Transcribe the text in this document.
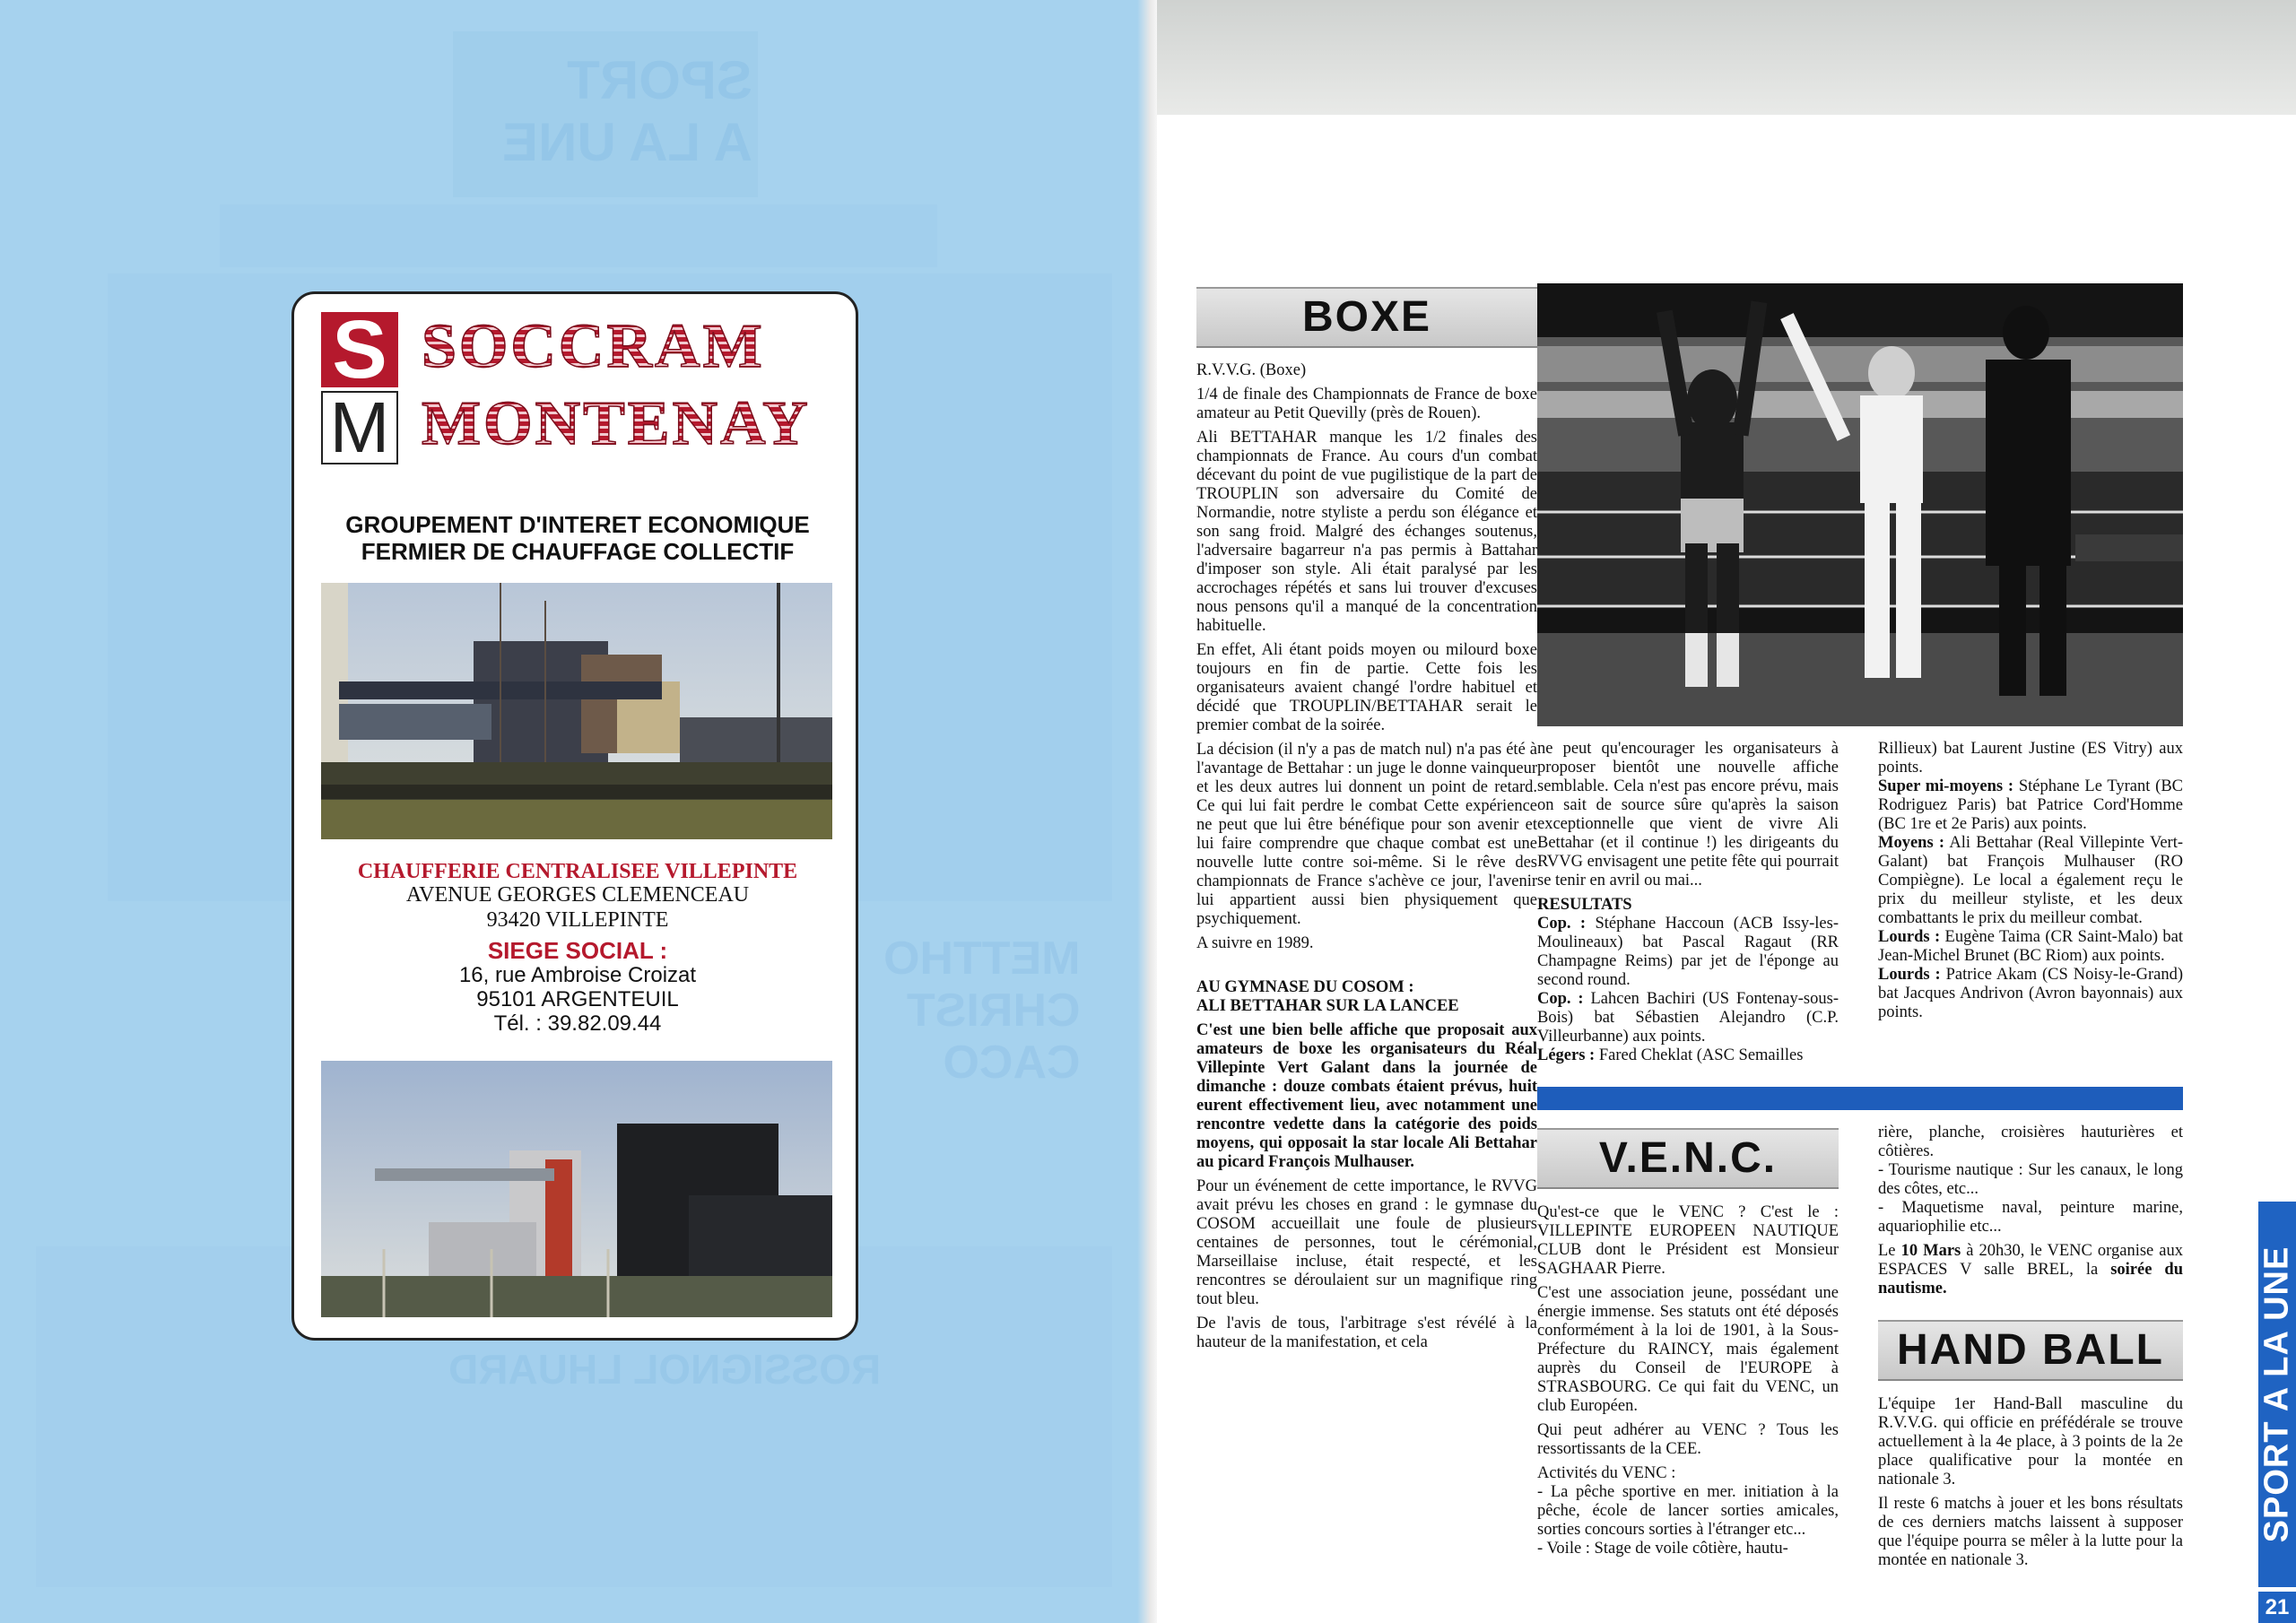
SPORT
A LA UNE
METTHO
CHRIST
CACO
ROSSIGNOL LHUARD
S
M
SOCCRAM
MONTENAY
GROUPEMENT D'INTERET ECONOMIQUE
FERMIER DE CHAUFFAGE COLLECTIF
CHAUFFERIE CENTRALISEE VILLEPINTE
AVENUE GEORGES CLEMENCEAU
93420 VILLEPINTE
SIEGE SOCIAL :
16, rue Ambroise Croizat
95101 ARGENTEUIL
Tél. : 39.82.09.44
BOXE

R.V.V.G. (Boxe)

1/4 de finale des Championnats de France de boxe amateur au Petit Quevilly (près de Rouen).

Ali BETTAHAR manque les 1/2 finales des championnats de France. Au cours d'un combat décevant du point de vue pugilistique de la part de TROUPLIN son adversaire du Comité de Normandie, notre styliste a perdu son élégance et son sang froid. Malgré des échanges soutenus, l'adversaire bagarreur n'a pas permis à Battahar d'imposer son style. Ali était paralysé par les accrochages répétés et sans lui trouver d'excuses nous pensons qu'il a manqué de la concentration habituelle.

En effet, Ali étant poids moyen ou milourd boxe toujours en fin de partie. Cette fois les organisateurs avaient changé l'ordre habituel et décidé que TROUPLIN/BETTAHAR serait le premier combat de la soirée.

La décision (il n'y a pas de match nul) n'a pas été à l'avantage de Bettahar : un juge le donne vainqueur et les deux autres lui donnent un point de retard. Ce qui lui fait perdre le combat Cette expérience ne peut que lui être bénéfique pour son avenir et lui faire comprendre que chaque combat est une nouvelle lutte contre soi-même. Si le rêve des championnats de France s'achève ce jour, l'avenir lui appartient aussi bien physiquement que psychiquement.

A suivre en 1989.

AU GYMNASE DU COSOM :

ALI BETTAHAR SUR LA LANCEE

C'est une bien belle affiche que proposait aux amateurs de boxe les organisateurs du Réal Villepinte Vert Galant dans la journée de dimanche : douze combats étaient prévus, huit eurent effectivement lieu, avec notamment une rencontre vedette dans la catégorie des poids moyens, qui opposait la star locale Ali Bettahar au picard François Mulhauser.

Pour un événement de cette importance, le RVVG avait prévu les choses en grand : le gymnase du COSOM accueillait une foule de plusieurs centaines de personnes, tout le cérémonial, Marseillaise incluse, était respecté, et les rencontres se déroulaient sur un magnifique ring tout bleu.

De l'avis de tous, l'arbitrage s'est révélé à la hauteur de la manifestation, et cela

ne peut qu'encourager les organisateurs à proposer bientôt une nouvelle affiche semblable. Cela n'est pas encore prévu, mais on sait de source sûre qu'après la saison exceptionnelle que vient de vivre Ali Bettahar (et il continue !) les dirigeants du RVVG envisagent une petite fête qui pourrait se tenir en avril ou mai...

RESULTATS

Cop. : Stéphane Haccoun (ACB Issy-les-Moulineaux) bat Pascal Ragaut (RR Champagne Reims) par jet de l'éponge au second round.

Cop. : Lahcen Bachiri (US Fontenay-sous-Bois) bat Sébastien Alejandro (C.P. Villeurbanne) aux points.

Légers : Fared Cheklat (ASC Semailles

Rillieux) bat Laurent Justine (ES Vitry) aux points.

Super mi-moyens : Stéphane Le Tyrant (BC Rodriguez Paris) bat Patrice Cord'Homme (BC 1re et 2e Paris) aux points.

Moyens : Ali Bettahar (Real Villepinte Vert-Galant) bat François Mulhauser (RO Compiègne). Le local a également reçu le prix du meilleur styliste, et les deux combattants le prix du meilleur combat.

Lourds : Eugène Taima (CR Saint-Malo) bat Jean-Michel Brunet (BC Riom) aux points.

Lourds : Patrice Akam (CS Noisy-le-Grand) bat Jacques Andrivon (Avron bayonnais) aux points.

V.E.N.C.

Qu'est-ce que le VENC ? C'est le : VILLEPINTE EUROPEEN NAUTIQUE CLUB dont le Président est Monsieur SAGHAAR Pierre.

C'est une association jeune, possédant une énergie immense. Ses statuts ont été déposés conformément à la loi de 1901, à la Sous-Préfecture du RAINCY, mais également auprès du Conseil de l'EUROPE à STRASBOURG. Ce qui fait du VENC, un club Européen.

Qui peut adhérer au VENC ? Tous les ressortissants de la CEE.

Activités du VENC :

- La pêche sportive en mer. initiation à la pêche, école de lancer sorties amicales, sorties concours sorties à l'étranger etc...

- Voile : Stage de voile côtière, hautu-

rière, planche, croisières hauturières et côtières.

- Tourisme nautique : Sur les canaux, le long des côtes, etc...

- Maquetisme naval, peinture marine, aquariophilie etc...

Le 10 Mars à 20h30, le VENC organise aux ESPACES V salle BREL, la soirée du nautisme.

HAND BALL

L'équipe 1er Hand-Ball masculine du R.V.V.G. qui officie en préfédérale se trouve actuellement à la 4e place, à 3 points de la 2e place qualificative pour la montée en nationale 3.

Il reste 6 matchs à jouer et les bons résultats de ces derniers matchs laissent à supposer que l'équipe pourra se mêler à la lutte pour la montée en nationale 3.

SPORT A LA UNE
21
